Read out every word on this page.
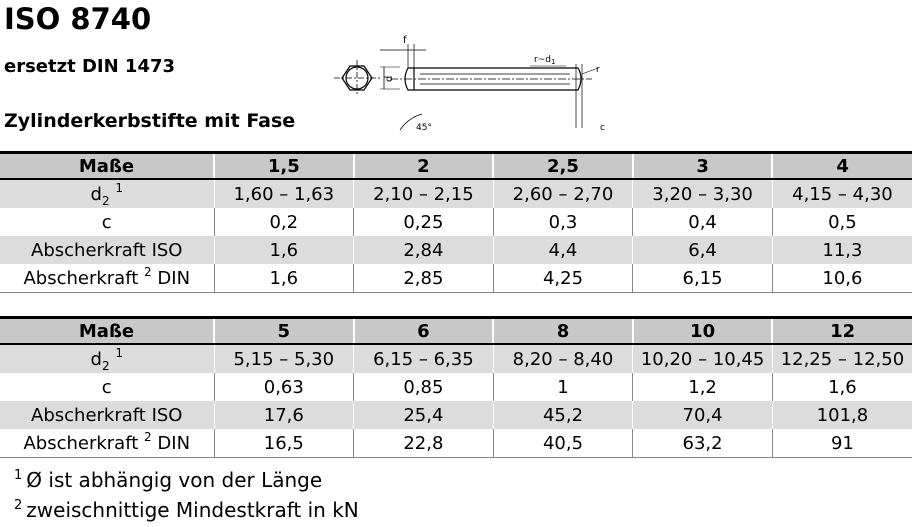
ISO 8740
ersetzt DIN 1473
Zylinderkerbstifte mit Fase
d
f
$r\sim d_1$
r
c
45°
Maße	1,5	2	2,5	3	4
$d_2$ $^1$	1,60 – 1,63	2,10 – 2,15	2,60 – 2,70	3,20 – 3,30	4,15 – 4,30
c	0,2	0,25	0,3	0,4	0,5
Abscherkraft ISO	1,6	2,84	4,4	6,4	11,3
Abscherkraft $^2$ DIN	1,6	2,85	4,25	6,15	10,6
Maße	5	6	8	10	12
$d_2$ $^1$	5,15 – 5,30	6,15 – 6,35	8,20 – 8,40	10,20 – 10,45	12,25 – 12,50
c	0,63	0,85	1	1,2	1,6
Abscherkraft ISO	17,6	25,4	45,2	70,4	101,8
Abscherkraft $^2$ DIN	16,5	22,8	40,5	63,2	91
$^1$ Ø ist abhängig von der Länge
$^2$ zweischnittige Mindestkraft in kN
